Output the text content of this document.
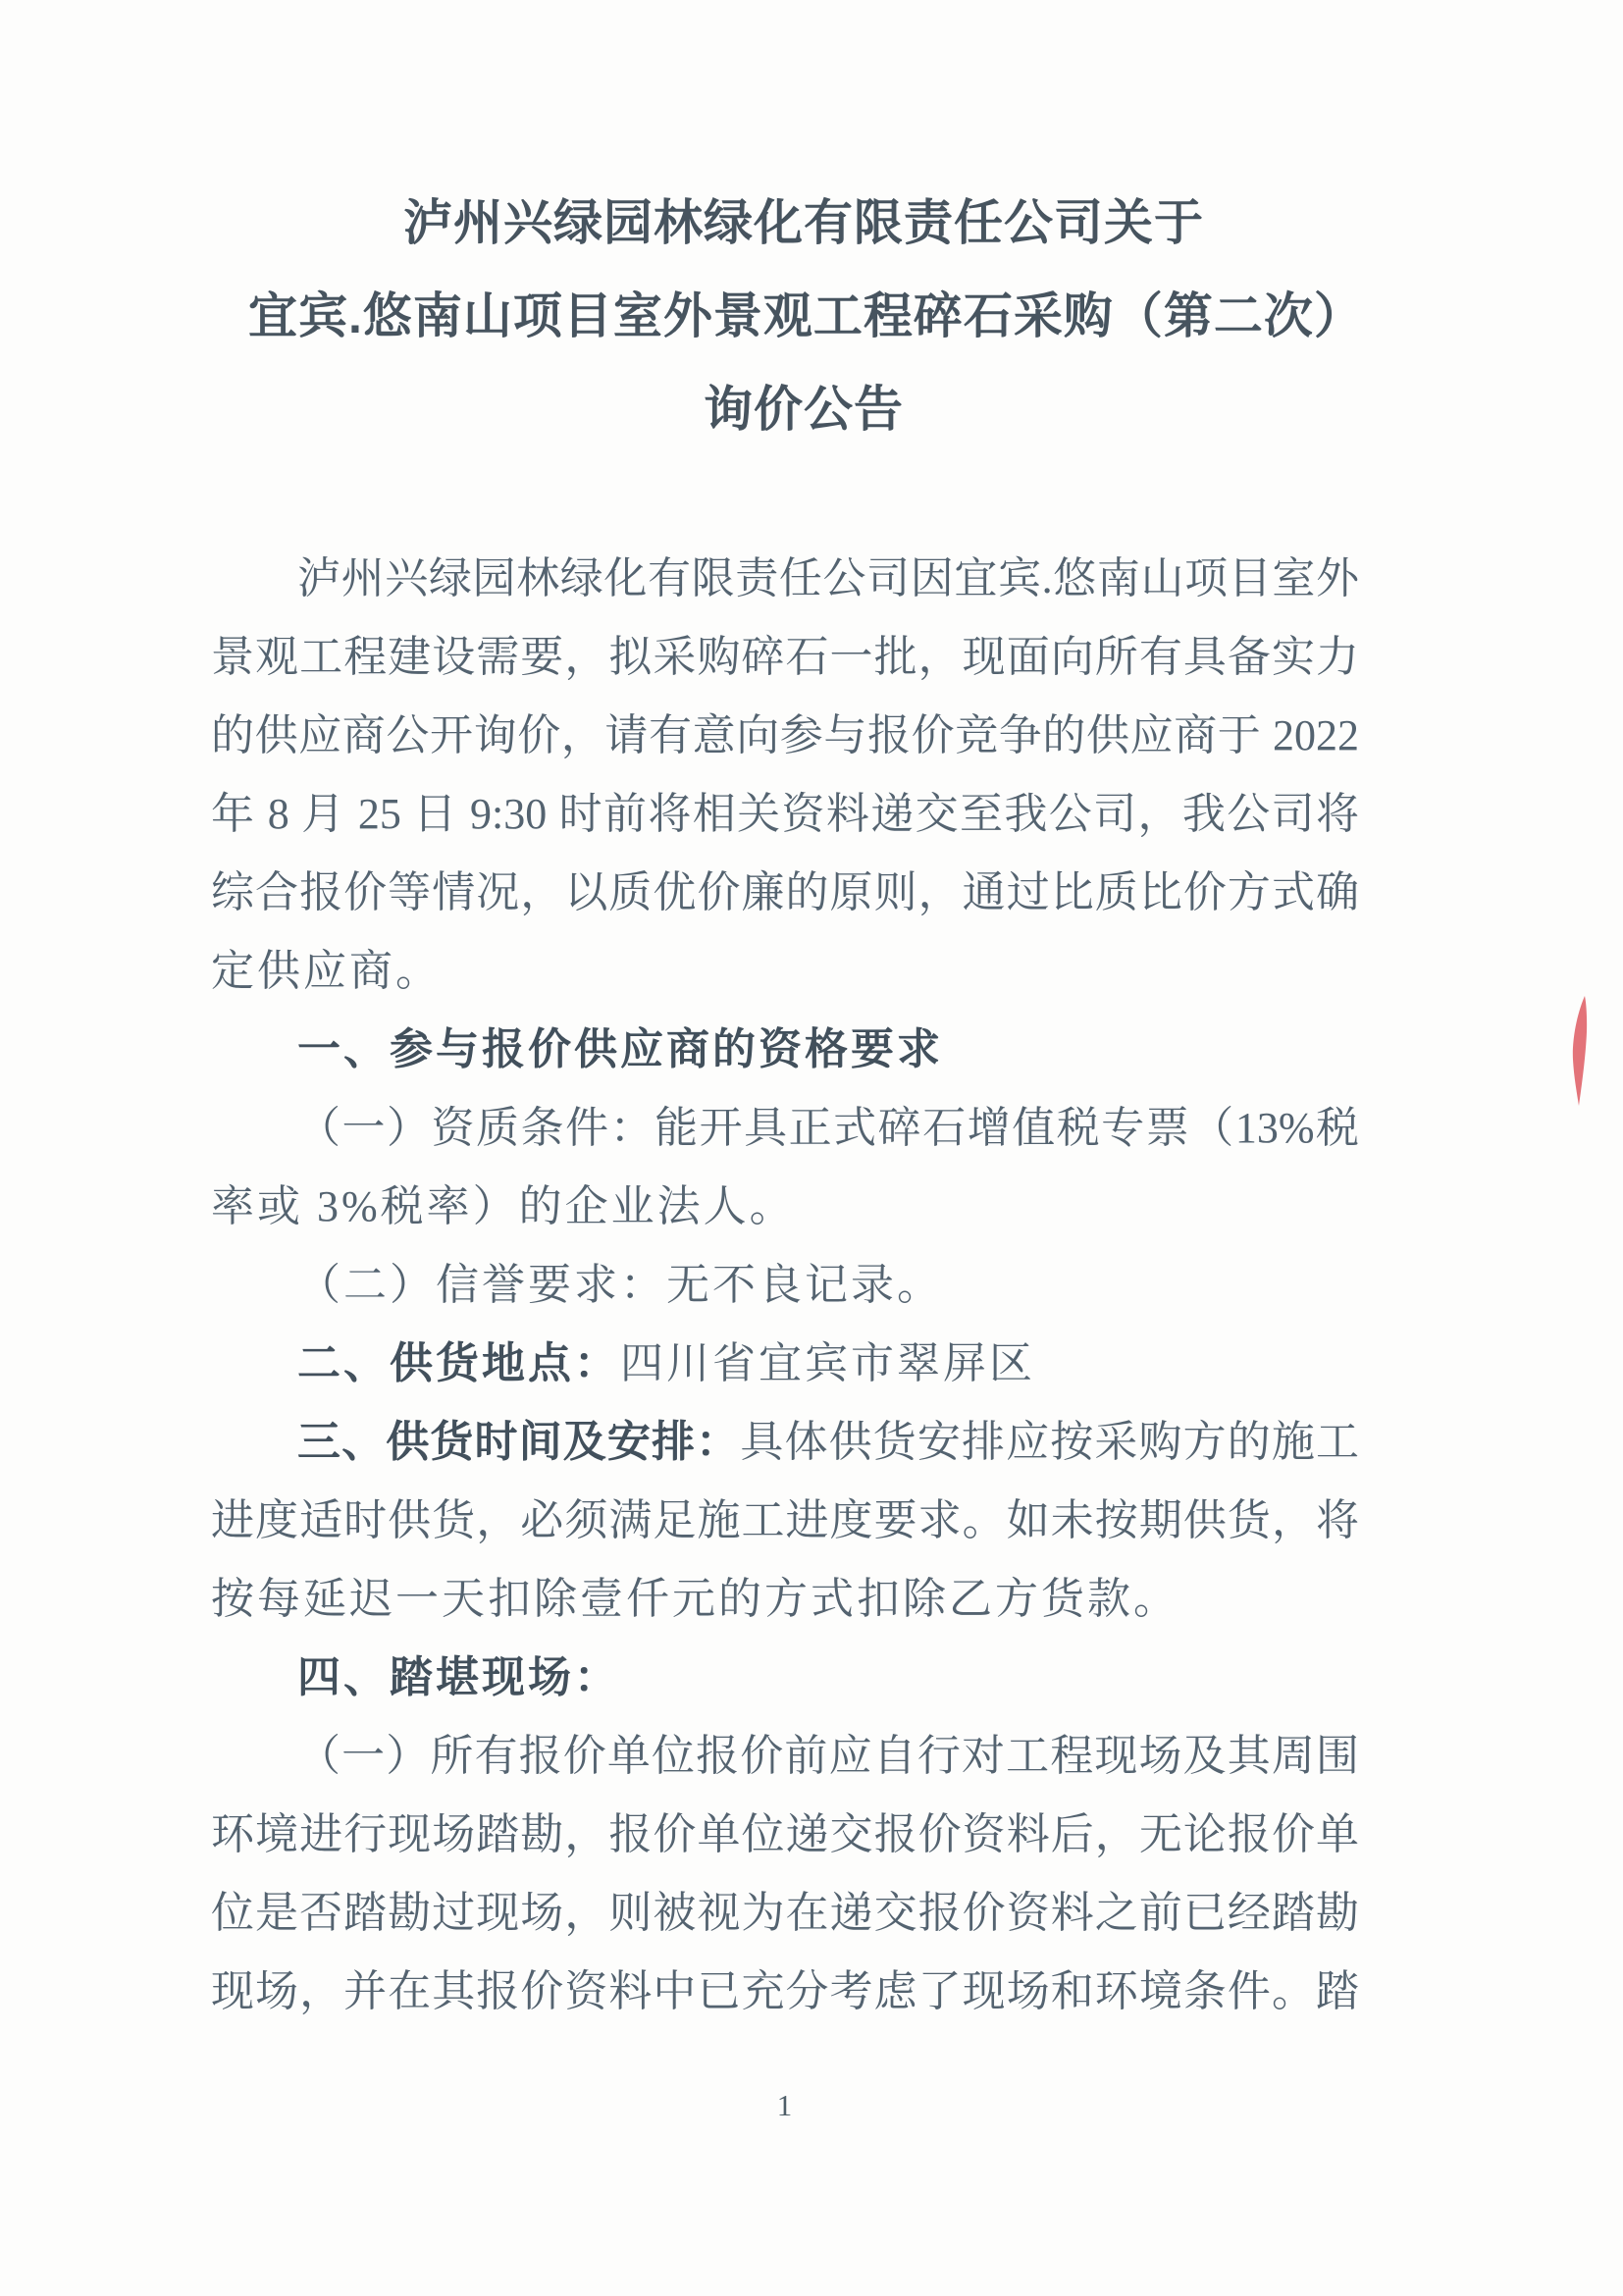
泸州兴绿园林绿化有限责任公司关于
宜宾.悠南山项目室外景观工程碎石采购（第二次）
询价公告
泸州兴绿园林绿化有限责任公司因宜宾.悠南山项目室外
景观工程建设需要，拟采购碎石一批，现面向所有具备实力
的供应商公开询价，请有意向参与报价竞争的供应商于 2022
年 8 月 25 日 9:30 时前将相关资料递交至我公司，我公司将
综合报价等情况，以质优价廉的原则，通过比质比价方式确
定供应商。
一、参与报价供应商的资格要求
（一）资质条件：能开具正式碎石增值税专票（13%税
率或 3%税率）的企业法人。
（二）信誉要求：无不良记录。
二、供货地点：四川省宜宾市翠屏区
三、供货时间及安排：具体供货安排应按采购方的施工
进度适时供货，必须满足施工进度要求。如未按期供货，将
按每延迟一天扣除壹仟元的方式扣除乙方货款。
四、踏堪现场：
（一）所有报价单位报价前应自行对工程现场及其周围
环境进行现场踏勘，报价单位递交报价资料后，无论报价单
位是否踏勘过现场，则被视为在递交报价资料之前已经踏勘
现场，并在其报价资料中已充分考虑了现场和环境条件。踏
1
